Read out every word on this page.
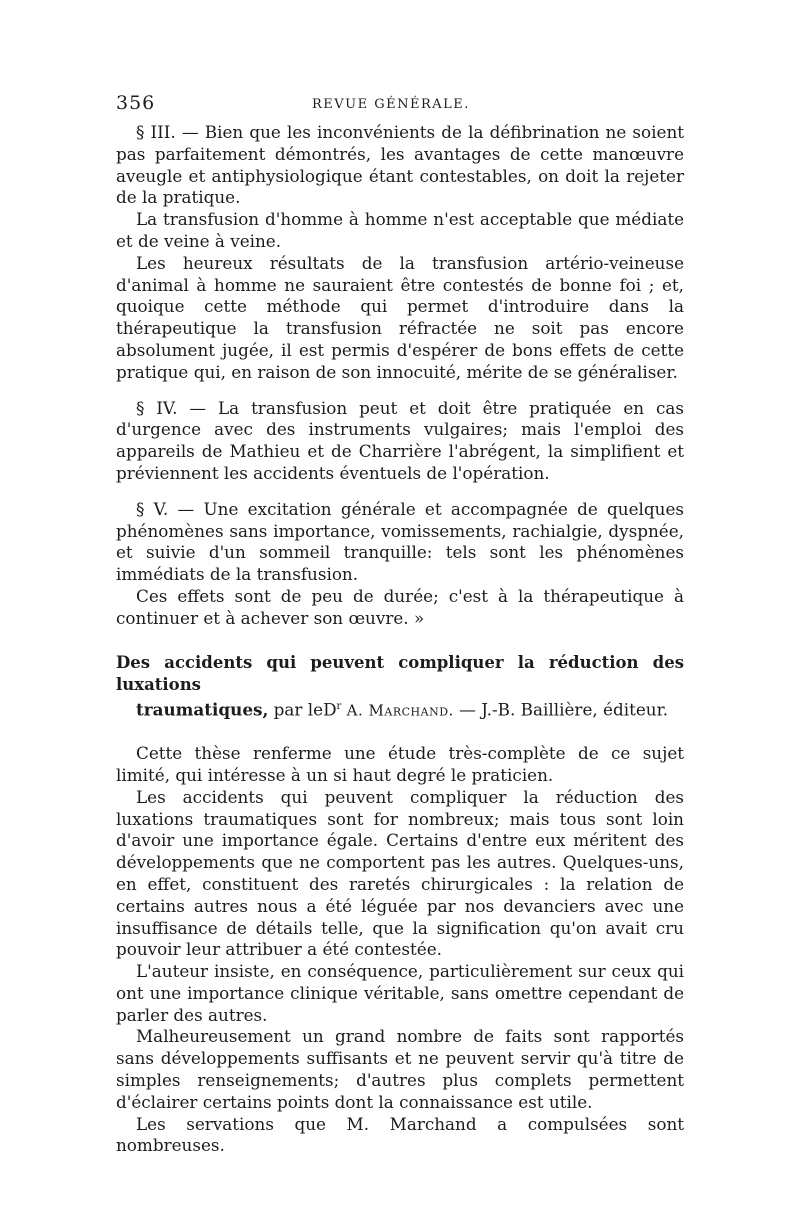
356	REVUE GÉNÉRALE.

§ III. — Bien que les inconvénients de la défibrination ne soient pas parfaitement démontrés, les avantages de cette manœuvre aveugle et antiphysiologique étant contestables, on doit la rejeter de la pratique.

La transfusion d'homme à homme n'est acceptable que médiate et de veine à veine.

Les heureux résultats de la transfusion artério-veineuse d'animal à homme ne sauraient être contestés de bonne foi ; et, quoique cette méthode qui permet d'introduire dans la thérapeutique la transfusion réfractée ne soit pas encore absolument jugée, il est permis d'espérer de bons effets de cette pratique qui, en raison de son innocuité, mérite de se généraliser.

§ IV. — La transfusion peut et doit être pratiquée en cas d'urgence avec des instruments vulgaires; mais l'emploi des appareils de Mathieu et de Charrière l'abrégent, la simplifient et préviennent les accidents éventuels de l'opération.

§ V. — Une excitation générale et accompagnée de quelques phénomènes sans importance, vomissements, rachialgie, dyspnée, et suivie d'un sommeil tranquille: tels sont les phénomènes immédiats de la transfusion.

Ces effets sont de peu de durée; c'est à la thérapeutique à continuer et à achever son œuvre. »

Des accidents qui peuvent compliquer la réduction des luxations

traumatiques, par leD$^r$ A. Marchand. — J.-B. Baillière, éditeur.

Cette thèse renferme une étude très-complète de ce sujet limité, qui intéresse à un si haut degré le praticien.

Les accidents qui peuvent compliquer la réduction des luxations traumatiques sont for nombreux; mais tous sont loin d'avoir une importance égale. Certains d'entre eux méritent des développements que ne comportent pas les autres. Quelques-uns, en effet, constituent des raretés chirurgicales : la relation de certains autres nous a été léguée par nos devanciers avec une insuffisance de détails telle, que la signification qu'on avait cru pouvoir leur attribuer a été contestée.

L'auteur insiste, en conséquence, particulièrement sur ceux qui ont une importance clinique véritable, sans omettre cependant de parler des autres.

Malheureusement un grand nombre de faits sont rapportés sans développements suffisants et ne peuvent servir qu'à titre de simples renseignements; d'autres plus complets permettent d'éclairer certains points dont la connaissance est utile.

Les servations que M. Marchand a compulsées sont nombreuses.
